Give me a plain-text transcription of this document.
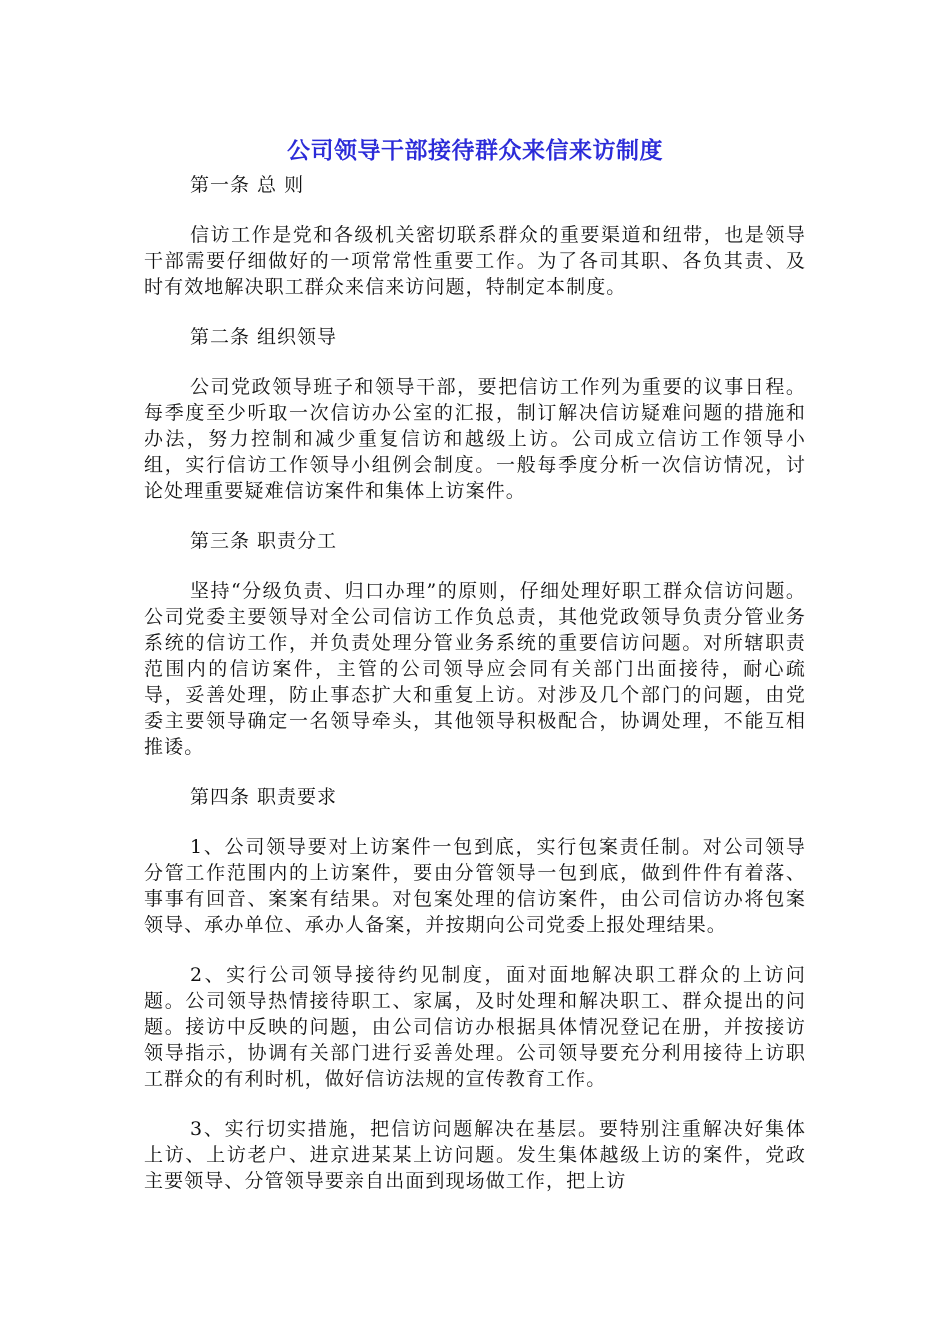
公司领导干部接待群众来信来访制度

第一条 总 则

信访工作是党和各级机关密切联系群众的重要渠道和纽带，也是领导干部需要仔细做好的一项常常性重要工作。为了各司其职、各负其责、及时有效地解决职工群众来信来访问题，特制定本制度。

第二条 组织领导

公司党政领导班子和领导干部，要把信访工作列为重要的议事日程。每季度至少听取一次信访办公室的汇报，制订解决信访疑难问题的措施和办法，努力控制和减少重复信访和越级上访。公司成立信访工作领导小组，实行信访工作领导小组例会制度。一般每季度分析一次信访情况，讨论处理重要疑难信访案件和集体上访案件。

第三条 职责分工

坚持“分级负责、归口办理”的原则，仔细处理好职工群众信访问题。公司党委主要领导对全公司信访工作负总责，其他党政领导负责分管业务系统的信访工作，并负责处理分管业务系统的重要信访问题。对所辖职责范围内的信访案件，主管的公司领导应会同有关部门出面接待，耐心疏导，妥善处理，防止事态扩大和重复上访。对涉及几个部门的问题，由党委主要领导确定一名领导牵头，其他领导积极配合，协调处理，不能互相推诿。

第四条 职责要求

1、公司领导要对上访案件一包到底，实行包案责任制。对公司领导分管工作范围内的上访案件，要由分管领导一包到底，做到件件有着落、事事有回音、案案有结果。对包案处理的信访案件，由公司信访办将包案领导、承办单位、承办人备案，并按期向公司党委上报处理结果。

2、实行公司领导接待约见制度，面对面地解决职工群众的上访问题。公司领导热情接待职工、家属，及时处理和解决职工、群众提出的问题。接访中反映的问题，由公司信访办根据具体情况登记在册，并按接访领导指示，协调有关部门进行妥善处理。公司领导要充分利用接待上访职工群众的有利时机，做好信访法规的宣传教育工作。

3、实行切实措施，把信访问题解决在基层。要特别注重解决好集体上访、上访老户、进京进某某上访问题。发生集体越级上访的案件，党政主要领导、分管领导要亲自出面到现场做工作，把上访
